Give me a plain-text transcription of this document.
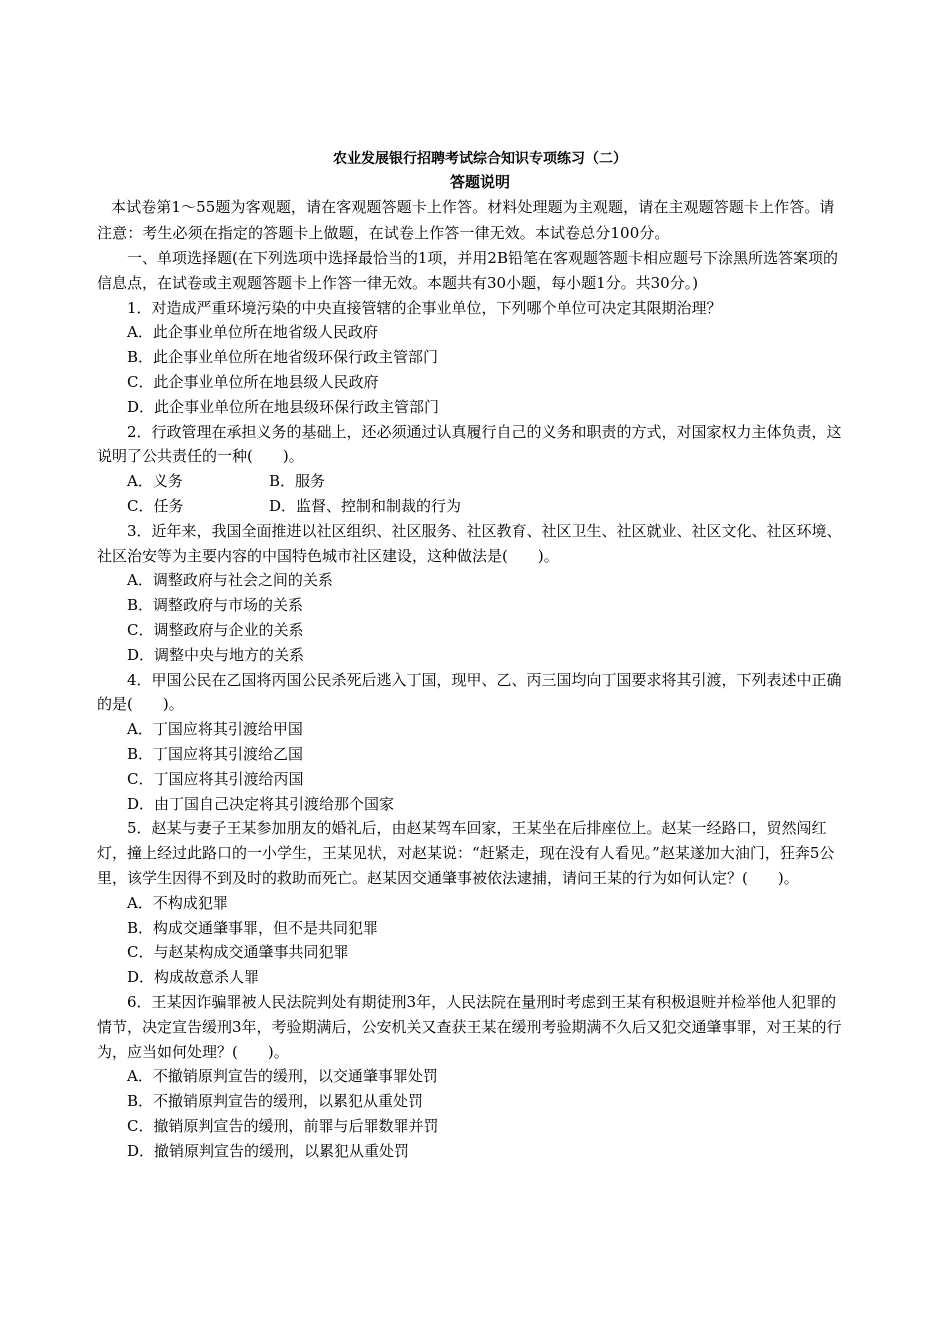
农业发展银行招聘考试综合知识专项练习（二）

答题说明

本试卷第1～55题为客观题，请在客观题答题卡上作答。材料处理题为主观题，请在主观题答题卡上作答。请注意：考生必须在指定的答题卡上做题，在试卷上作答一律无效。本试卷总分100分。

一、单项选择题(在下列选项中选择最恰当的1项，并用2B铅笔在客观题答题卡相应题号下涂黑所选答案项的信息点，在试卷或主观题答题卡上作答一律无效。本题共有30小题，每小题1分。共30分。)

1．对造成严重环境污染的中央直接管辖的企事业单位，下列哪个单位可决定其限期治理？

A．此企事业单位所在地省级人民政府

B．此企事业单位所在地省级环保行政主管部门

C．此企事业单位所在地县级人民政府

D．此企事业单位所在地县级环保行政主管部门

2．行政管理在承担义务的基础上，还必须通过认真履行自己的义务和职责的方式，对国家权力主体负责，这说明了公共责任的一种(　　)。

A．义务	B．服务

C．任务	D．监督、控制和制裁的行为

3．近年来，我国全面推进以社区组织、社区服务、社区教育、社区卫生、社区就业、社区文化、社区环境、社区治安等为主要内容的中国特色城市社区建设，这种做法是(　　)。

A．调整政府与社会之间的关系

B．调整政府与市场的关系

C．调整政府与企业的关系

D．调整中央与地方的关系

4．甲国公民在乙国将丙国公民杀死后逃入丁国，现甲、乙、丙三国均向丁国要求将其引渡，下列表述中正确的是(　　)。

A．丁国应将其引渡给甲国

B．丁国应将其引渡给乙国

C．丁国应将其引渡给丙国

D．由丁国自己决定将其引渡给那个国家

5．赵某与妻子王某参加朋友的婚礼后，由赵某驾车回家，王某坐在后排座位上。赵某一经路口，贸然闯红灯，撞上经过此路口的一小学生，王某见状，对赵某说：“赶紧走，现在没有人看见。”赵某遂加大油门，狂奔5公里，该学生因得不到及时的救助而死亡。赵某因交通肇事被依法逮捕，请问王某的行为如何认定？(　　)。

A．不构成犯罪

B．构成交通肇事罪，但不是共同犯罪

C．与赵某构成交通肇事共同犯罪

D．构成故意杀人罪

6．王某因诈骗罪被人民法院判处有期徒刑3年，人民法院在量刑时考虑到王某有积极退赃并检举他人犯罪的情节，决定宣告缓刑3年，考验期满后，公安机关又查获王某在缓刑考验期满不久后又犯交通肇事罪，对王某的行为，应当如何处理？(　　)。

A．不撤销原判宣告的缓刑，以交通肇事罪处罚

B．不撤销原判宣告的缓刑，以累犯从重处罚

C．撤销原判宣告的缓刑，前罪与后罪数罪并罚

D．撤销原判宣告的缓刑，以累犯从重处罚
